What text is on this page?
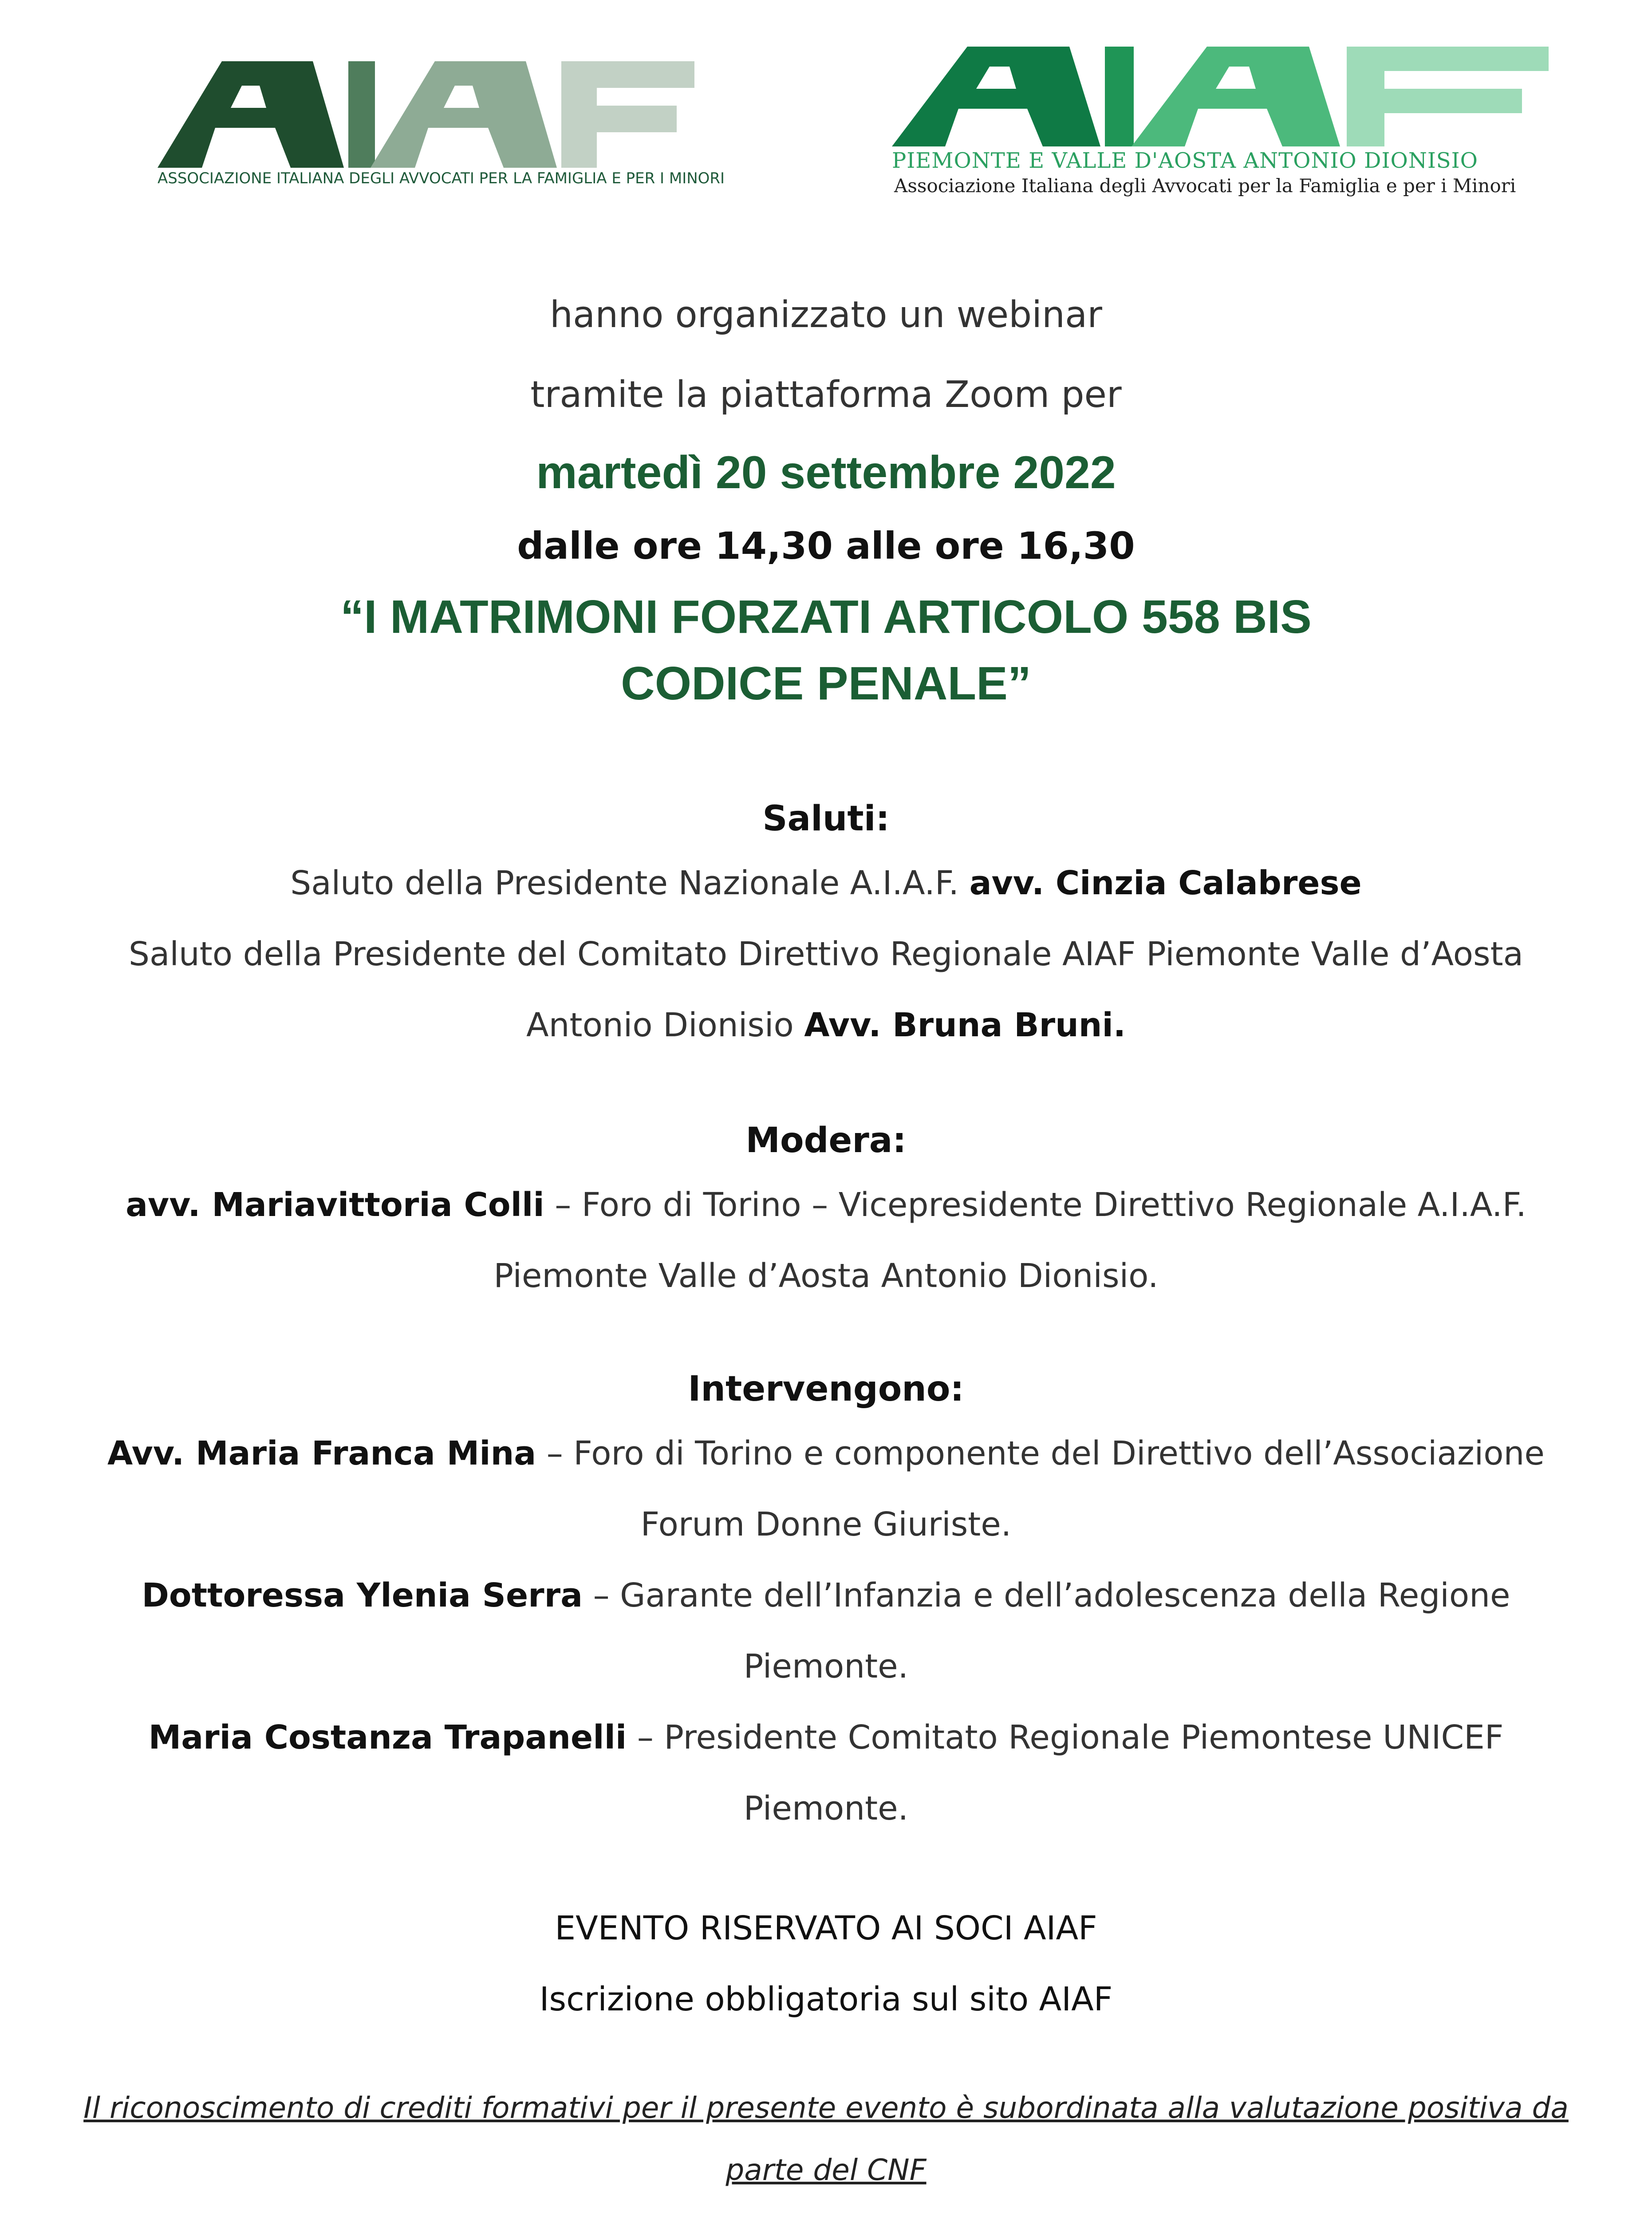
ASSOCIAZIONE ITALIANA DEGLI AVVOCATI PER LA FAMIGLIA E PER I MINORI
PIEMONTE E VALLE D'AOSTA ANTONIO DIONISIO
Associazione Italiana degli Avvocati per la Famiglia e per i Minori
hanno organizzato un webinar
tramite la piattaforma Zoom per
martedì 20 settembre 2022
dalle ore 14,30 alle ore 16,30
“I MATRIMONI FORZATI ARTICOLO 558 BIS
CODICE PENALE”
Saluti:
Saluto della Presidente Nazionale A.I.A.F. avv. Cinzia Calabrese
Saluto della Presidente del Comitato Direttivo Regionale AIAF Piemonte Valle d’Aosta
Antonio Dionisio Avv. Bruna Bruni.
Modera:
avv. Mariavittoria Colli – Foro di Torino – Vicepresidente Direttivo Regionale A.I.A.F.
Piemonte Valle d’Aosta Antonio Dionisio.
Intervengono:
Avv. Maria Franca Mina – Foro di Torino e componente del Direttivo dell’Associazione
Forum Donne Giuriste.
Dottoressa Ylenia Serra – Garante dell’Infanzia e dell’adolescenza della Regione
Piemonte.
Maria Costanza Trapanelli – Presidente Comitato Regionale Piemontese UNICEF
Piemonte.
EVENTO RISERVATO AI SOCI AIAF
Iscrizione obbligatoria sul sito AIAF
Il riconoscimento di crediti formativi per il presente evento è subordinata alla valutazione positiva da
parte del CNF
